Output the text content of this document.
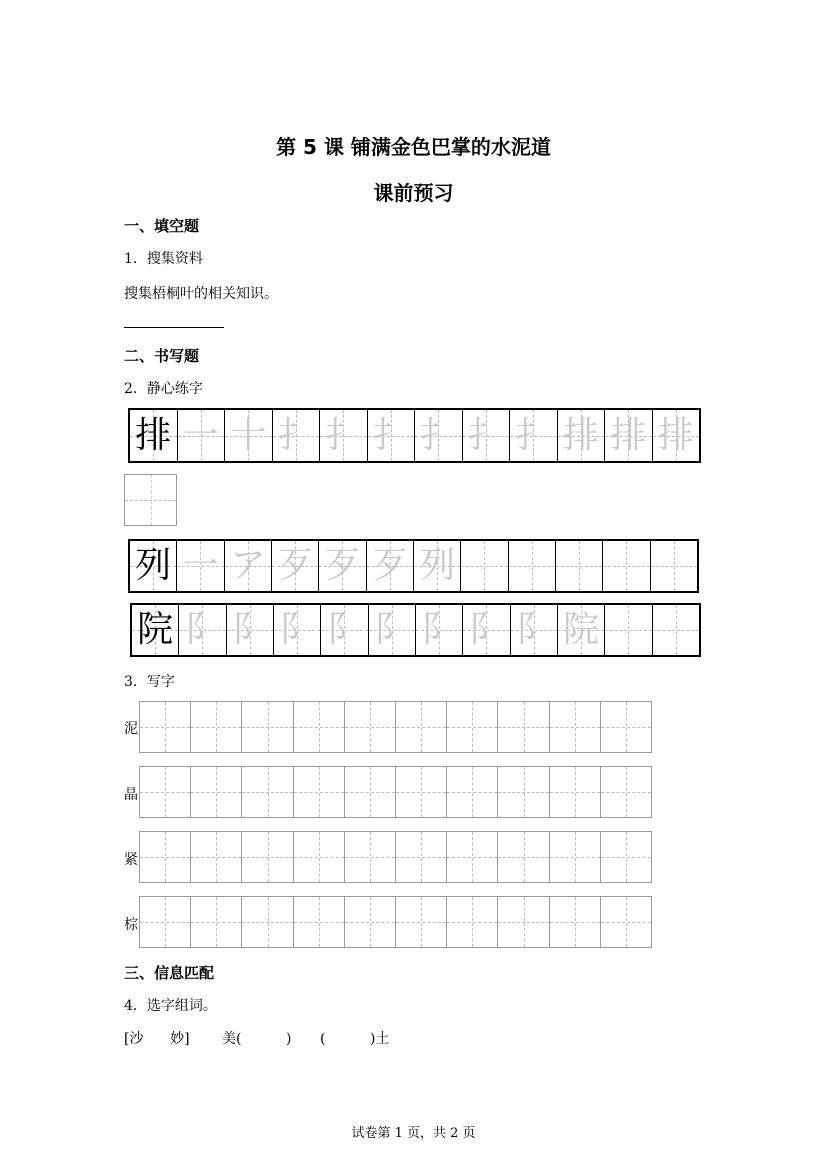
第 5 课 铺满金色巴掌的水泥道
课前预习
一、填空题
1．搜集资料
搜集梧桐叶的相关知识。
二、书写题
2．静心练字
排 一 十 扌 扌 扌 扌 扌 扌 排 排 排
列 一 ア 歹 歹 歹 列
院 阝 阝 阝 阝 阝 阝 阝 阝 院
3．写字
泥
晶
紧
棕
三、信息匹配
4．选字组词。
[沙      妙] 美(          ) (          )土
试卷第 1 页，共 2 页
